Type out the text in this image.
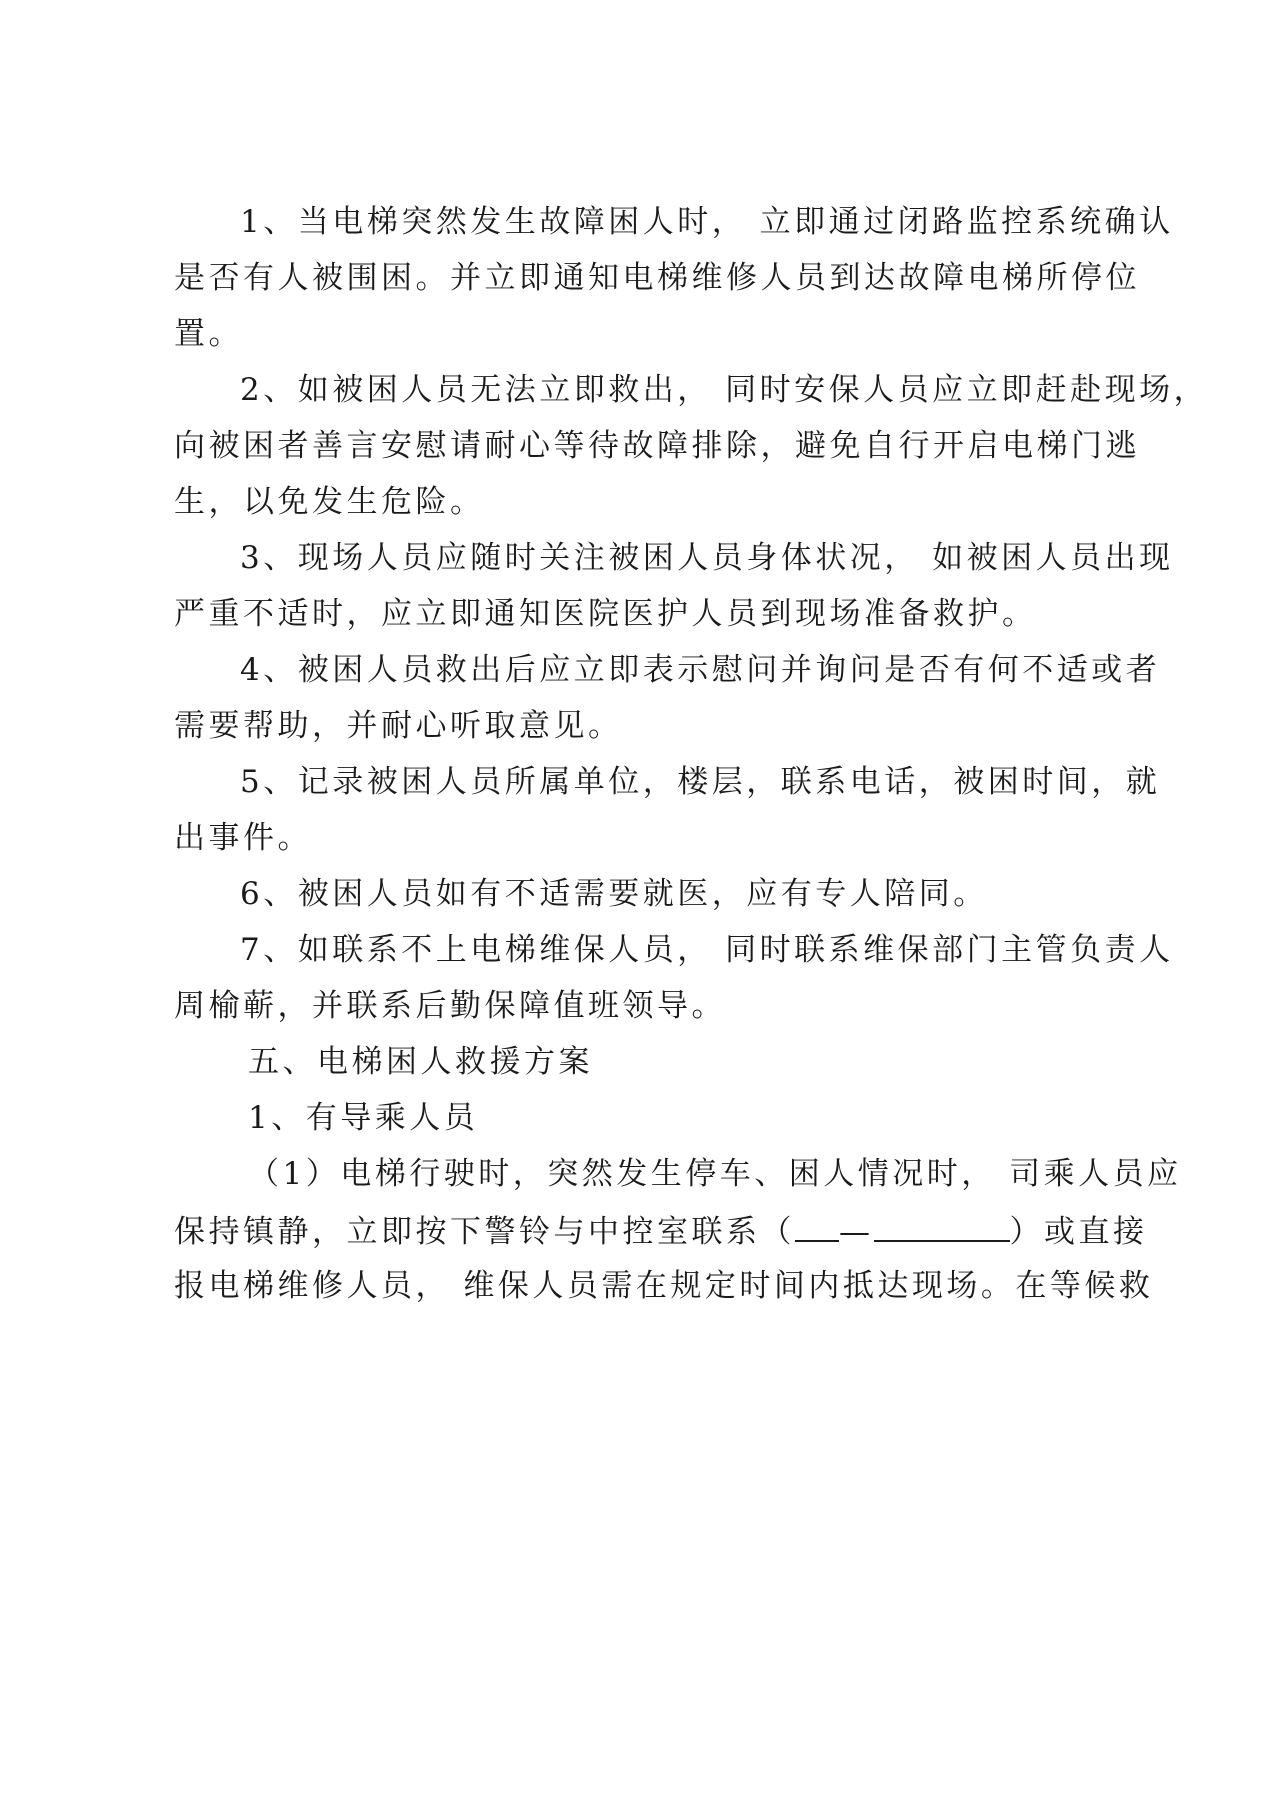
1、当电梯突然发生故障困人时， 立即通过闭路监控系统确认
是否有人被围困。并立即通知电梯维修人员到达故障电梯所停位
置。
2、如被困人员无法立即救出， 同时安保人员应立即赶赴现场，
向被困者善言安慰请耐心等待故障排除，避免自行开启电梯门逃
生，以免发生危险。
3、现场人员应随时关注被困人员身体状况， 如被困人员出现
严重不适时，应立即通知医院医护人员到现场准备救护。
4、被困人员救出后应立即表示慰问并询问是否有何不适或者
需要帮助，并耐心听取意见。
5、记录被困人员所属单位，楼层，联系电话，被困时间，就
出事件。
6、被困人员如有不适需要就医，应有专人陪同。
7、如联系不上电梯维保人员， 同时联系维保部门主管负责人
周榆蕲，并联系后勤保障值班领导。
五、电梯困人救援方案
1、有导乘人员
（1）电梯行驶时，突然发生停车、困人情况时， 司乘人员应
保持镇静，立即按下警铃与中控室联系（ —	）或直接
报电梯维修人员， 维保人员需在规定时间内抵达现场。在等候救
